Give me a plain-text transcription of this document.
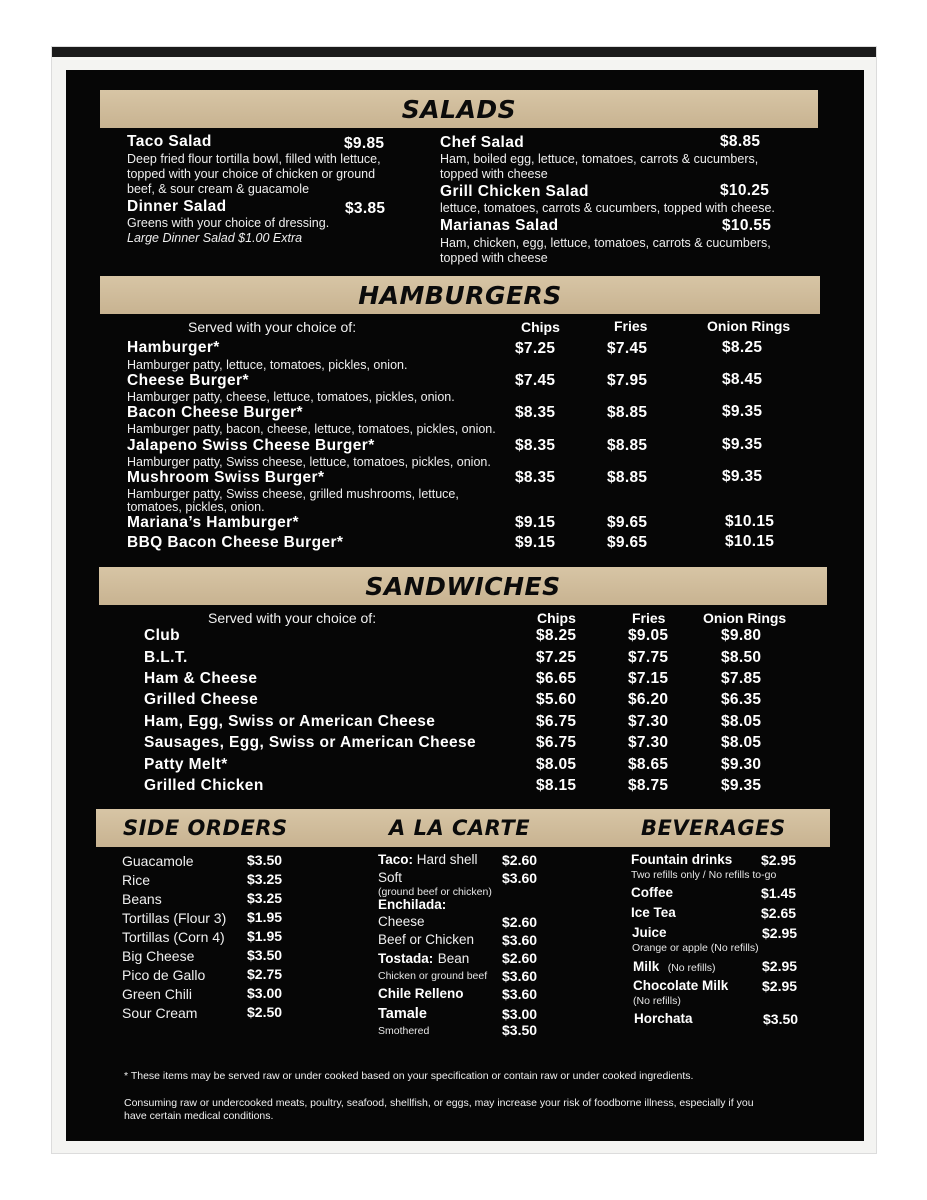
SALADS
Taco Salad	$9.85
Deep fried flour tortilla bowl, filled with lettuce,
topped with your choice of chicken or ground
beef, & sour cream & guacamole
Dinner Salad	$3.85
Greens with your choice of dressing.
Large Dinner Salad $1.00 Extra
Chef Salad	$8.85
Ham, boiled egg, lettuce, tomatoes, carrots & cucumbers,
topped with cheese
Grill Chicken Salad	$10.25
lettuce, tomatoes, carrots & cucumbers, topped with cheese.
Marianas Salad	$10.55
Ham, chicken, egg, lettuce, tomatoes, carrots & cucumbers,
topped with cheese
HAMBURGERS
Served with your choice of:	Chips	Fries	Onion Rings
Hamburger*
Hamburger patty, lettuce, tomatoes, pickles, onion.
$7.25	$7.45	$8.25
Cheese Burger*
Hamburger patty, cheese, lettuce, tomatoes, pickles, onion.
$7.45	$7.95	$8.45
Bacon Cheese Burger*
Hamburger patty, bacon, cheese, lettuce, tomatoes, pickles, onion.
$8.35	$8.85	$9.35
Jalapeno Swiss Cheese Burger*
Hamburger patty, Swiss cheese, lettuce, tomatoes, pickles, onion.
$8.35	$8.85	$9.35
Mushroom Swiss Burger*
Hamburger patty, Swiss cheese, grilled mushrooms, lettuce,
tomatoes, pickles, onion.
$8.35	$8.85	$9.35
Mariana’s Hamburger*	$9.15	$9.65	$10.15
BBQ Bacon Cheese Burger*	$9.15	$9.65	$10.15
SANDWICHES
Served with your choice of:	Chips	Fries	Onion Rings
Club	$8.25	$9.05	$9.80
B.L.T.	$7.25	$7.75	$8.50
Ham & Cheese	$6.65	$7.15	$7.85
Grilled Cheese	$5.60	$6.20	$6.35
Ham, Egg, Swiss or American Cheese	$6.75	$7.30	$8.05
Sausages, Egg, Swiss or American Cheese	$6.75	$7.30	$8.05
Patty Melt*	$8.05	$8.65	$9.30
Grilled Chicken	$8.15	$8.75	$9.35
SIDE ORDERS	A LA CARTE	BEVERAGES
Guacamole	$3.50
Rice	$3.25
Beans	$3.25
Tortillas (Flour 3) $1.95
Tortillas (Corn 4) $1.95
Big Cheese	$3.50
Pico de Gallo	$2.75
Green Chili	$3.00
Sour Cream	$2.50
Taco: Hard shell $2.60
Soft	$3.60
(ground beef or chicken)
Enchilada:
Cheese	$2.60
Beef or Chicken $3.60
Tostada: Bean $2.60
Chicken or ground beef $3.60
Chile Relleno	$3.60
Tamale	$3.00
Smothered	$3.50
Fountain drinks $2.95
Two refills only / No refills to-go
Coffee	$1.45
Ice Tea	$2.65
Juice	$2.95
Orange or apple (No refills)
Milk (No refills)	$2.95
Chocolate Milk $2.95
(No refills)
Horchata	$3.50
* These items may be served raw or under cooked based on your specification or contain raw or under cooked ingredients.
Consuming raw or undercooked meats, poultry, seafood, shellfish, or eggs, may increase your risk of foodborne illness, especially if you
have certain medical conditions.
